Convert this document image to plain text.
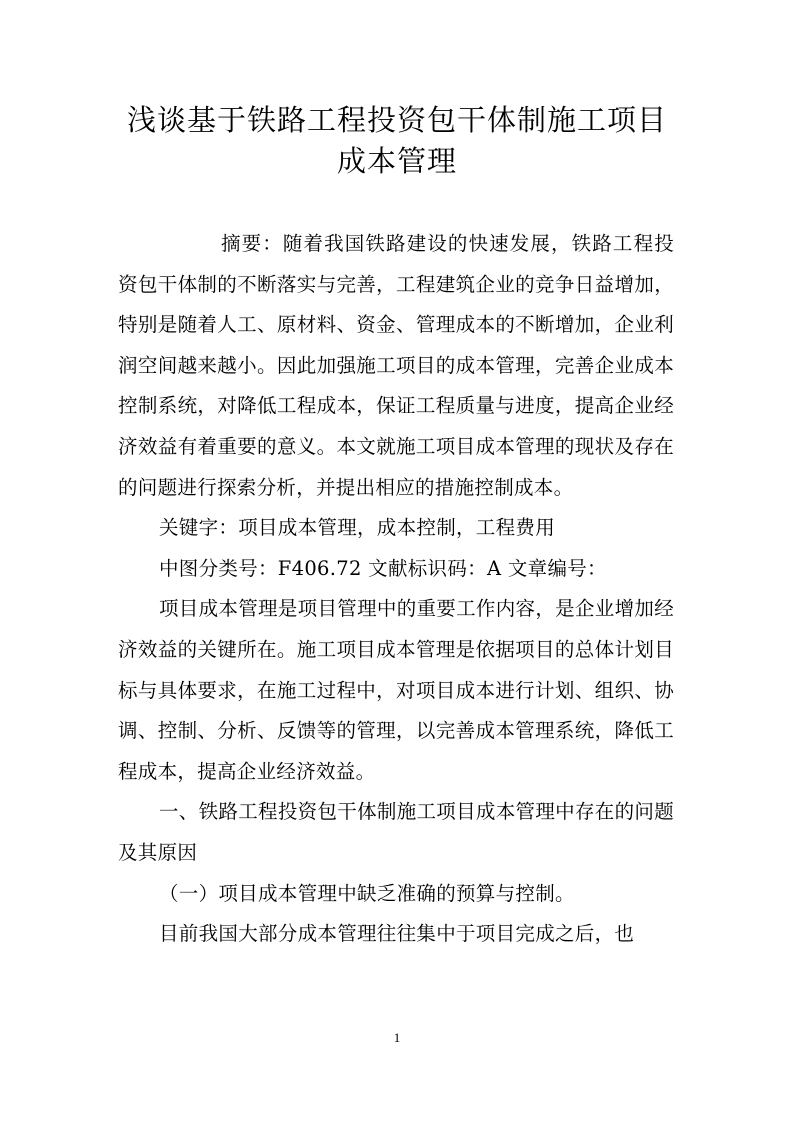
浅谈基于铁路工程投资包干体制施工项目
成本管理

摘要：随着我国铁路建设的快速发展，铁路工程投资包干体制的不断落实与完善，工程建筑企业的竞争日益增加，特别是随着人工、原材料、资金、管理成本的不断增加，企业利润空间越来越小。因此加强施工项目的成本管理，完善企业成本控制系统，对降低工程成本，保证工程质量与进度，提高企业经济效益有着重要的意义。本文就施工项目成本管理的现状及存在的问题进行探索分析，并提出相应的措施控制成本。

关键字：项目成本管理，成本控制，工程费用

中图分类号：F406.72 文献标识码：A 文章编号：

项目成本管理是项目管理中的重要工作内容，是企业增加经济效益的关键所在。施工项目成本管理是依据项目的总体计划目标与具体要求，在施工过程中，对项目成本进行计划、组织、协调、控制、分析、反馈等的管理，以完善成本管理系统，降低工程成本，提高企业经济效益。

一、铁路工程投资包干体制施工项目成本管理中存在的问题及其原因

（一）项目成本管理中缺乏准确的预算与控制。

目前我国大部分成本管理往往集中于项目完成之后，也

1
